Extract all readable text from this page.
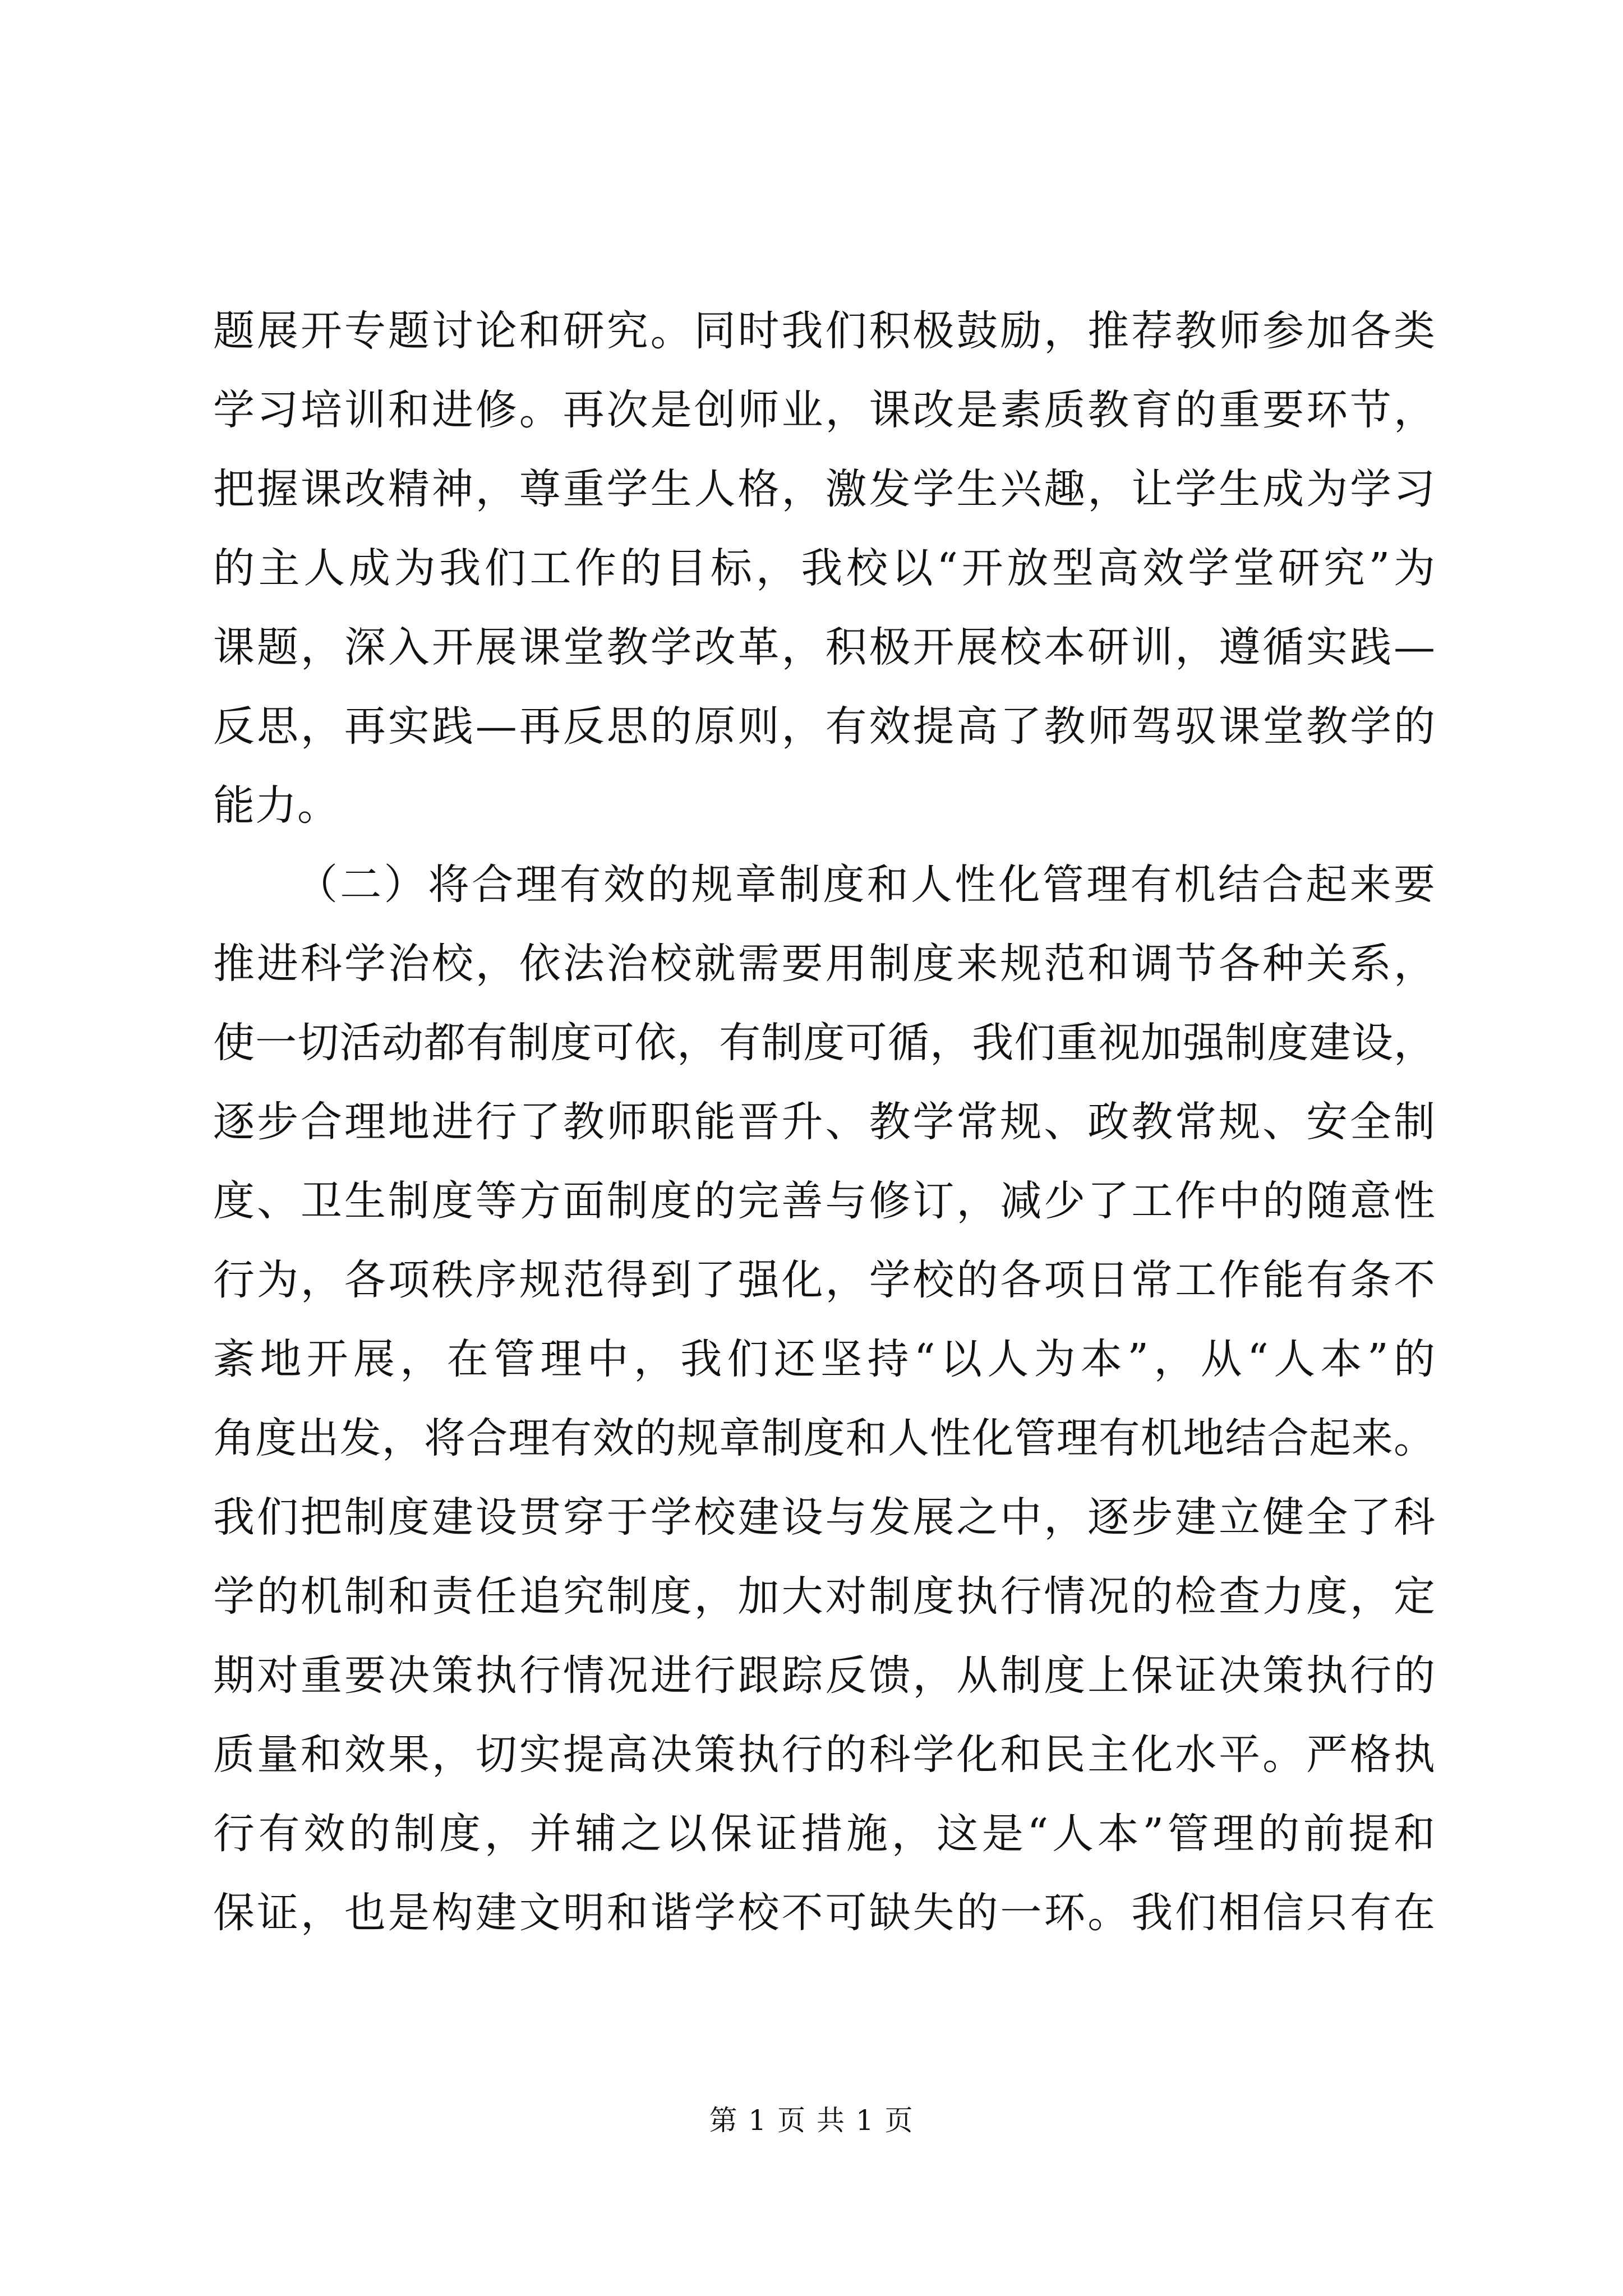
题展开专题讨论和研究。同时我们积极鼓励，推荐教师参加各类
学习培训和进修。再次是创师业，课改是素质教育的重要环节，
把握课改精神，尊重学生人格，激发学生兴趣，让学生成为学习
的主人成为我们工作的目标，我校以“开放型高效学堂研究”为
课题，深入开展课堂教学改革，积极开展校本研训，遵循实践—
反思，再实践—再反思的原则，有效提高了教师驾驭课堂教学的
能力。
（二）将合理有效的规章制度和人性化管理有机结合起来要
推进科学治校，依法治校就需要用制度来规范和调节各种关系，
使一切活动都有制度可依，有制度可循，我们重视加强制度建设，
逐步合理地进行了教师职能晋升、教学常规、政教常规、安全制
度、卫生制度等方面制度的完善与修订，减少了工作中的随意性
行为，各项秩序规范得到了强化，学校的各项日常工作能有条不
紊地开展，在管理中，我们还坚持“以人为本”，从“人本”的
角度出发，将合理有效的规章制度和人性化管理有机地结合起来。
我们把制度建设贯穿于学校建设与发展之中，逐步建立健全了科
学的机制和责任追究制度，加大对制度执行情况的检查力度，定
期对重要决策执行情况进行跟踪反馈，从制度上保证决策执行的
质量和效果，切实提高决策执行的科学化和民主化水平。严格执
行有效的制度，并辅之以保证措施，这是“人本”管理的前提和
保证，也是构建文明和谐学校不可缺失的一环。我们相信只有在
第 1 页 共 1 页
